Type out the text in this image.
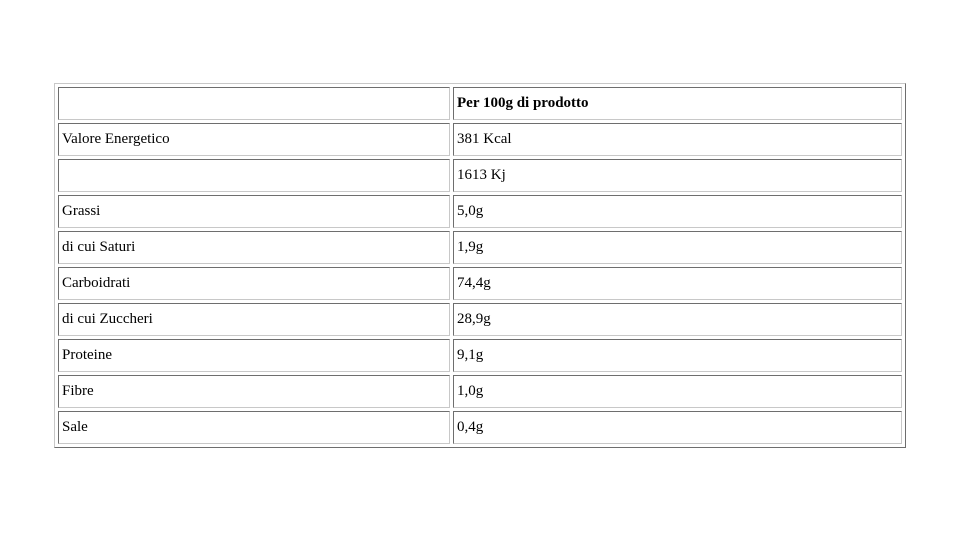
	Per 100g di prodotto
Valore Energetico	381 Kcal
	1613 Kj
Grassi	5,0g
di cui Saturi	1,9g
Carboidrati	74,4g
di cui Zuccheri	28,9g
Proteine	9,1g
Fibre	1,0g
Sale	0,4g
